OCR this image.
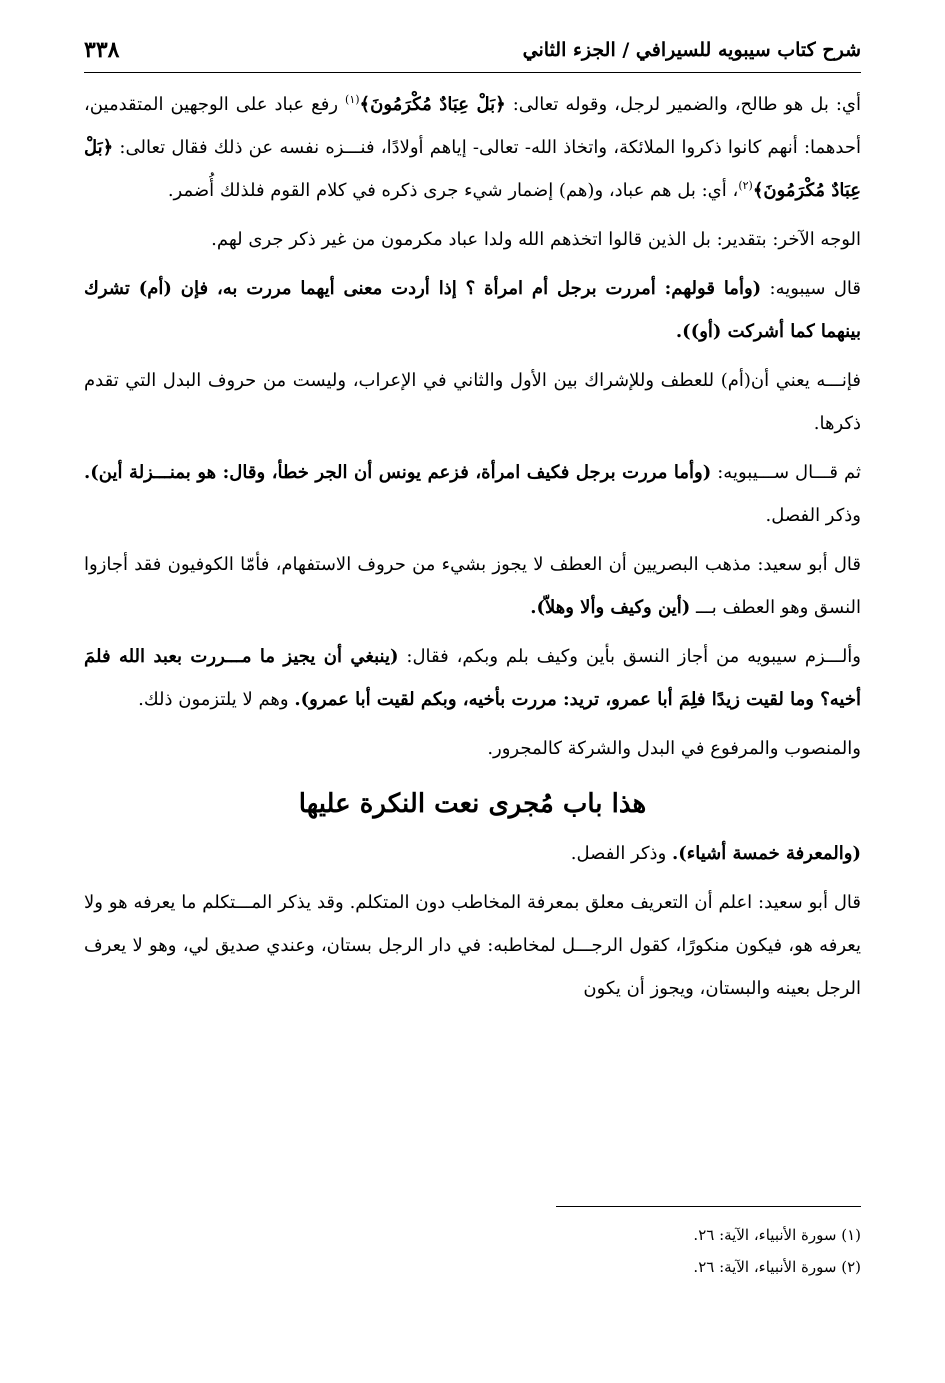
شرح كتاب سيبويه للسيرافي / الجزء الثاني
٣٣٨

أي: بل هو طالح، والضمير لرجل، وقوله تعالى: ﴿بَلْ عِبَادٌ مُكْرَمُونَ﴾$^{(١)}$ رفع عباد على الوجهين المتقدمين، أحدهما: أنهم كانوا ذكروا الملائكة، واتخاذ الله- تعالى- إياهم أولادًا، فنـــزه نفسه عن ذلك فقال تعالى: ﴿بَلْ عِبَادٌ مُكْرَمُونَ﴾$^{(٢)}$، أي: بل هم عباد، و(هم) إضمار شيء جرى ذكره في كلام القوم فلذلك أُضمر.

الوجه الآخر: بتقدير: بل الذين قالوا اتخذهم الله ولدا عباد مكرمون من غير ذكر جرى لهم.

قال سيبويه: (وأما قولهم: أمررت برجل أم امرأة ؟ إذا أردت معنى أيهما مررت به، فإن (أم) تشرك بينهما كما أشركت (أو)).

فإنـــه يعني أن(أم) للعطف وللإشراك بين الأول والثاني في الإعراب، وليست من حروف البدل التي تقدم ذكرها.

ثم قـــال ســـيبويه: (وأما مررت برجل فكيف امرأة، فزعم يونس أن الجر خطأ، وقال: هو بمنـــزلة أين). وذكر الفصل.

قال أبو سعيد: مذهب البصريين أن العطف لا يجوز بشيء من حروف الاستفهام، فأمّا الكوفيون فقد أجازوا النسق وهو العطف بـــ (أين وكيف وألا وهلاّ).

وألـــزم سيبويه من أجاز النسق بأين وكيف بلم وبكم، فقال: (ينبغي أن يجيز ما مـــررت بعبد الله فلمَ أخيه؟ وما لقيت زيدًا فلِمَ أبا عمرو، تريد: مررت بأخيه، وبكم لقيت أبا عمرو). وهم لا يلتزمون ذلك.

والمنصوب والمرفوع في البدل والشركة كالمجرور.

هذا باب مُجرى نعت النكرة عليها

(والمعرفة خمسة أشياء). وذكر الفصل.

قال أبو سعيد: اعلم أن التعريف معلق بمعرفة المخاطب دون المتكلم. وقد يذكر المـــتكلم ما يعرفه هو ولا يعرفه هو، فيكون منكورًا، كقول الرجـــل لمخاطبه: في دار الرجل بستان، وعندي صديق لي، وهو لا يعرف الرجل بعينه والبستان، ويجوز أن يكون

(١) سورة الأنبياء، الآية: ٢٦.

(٢) سورة الأنبياء، الآية: ٢٦.
